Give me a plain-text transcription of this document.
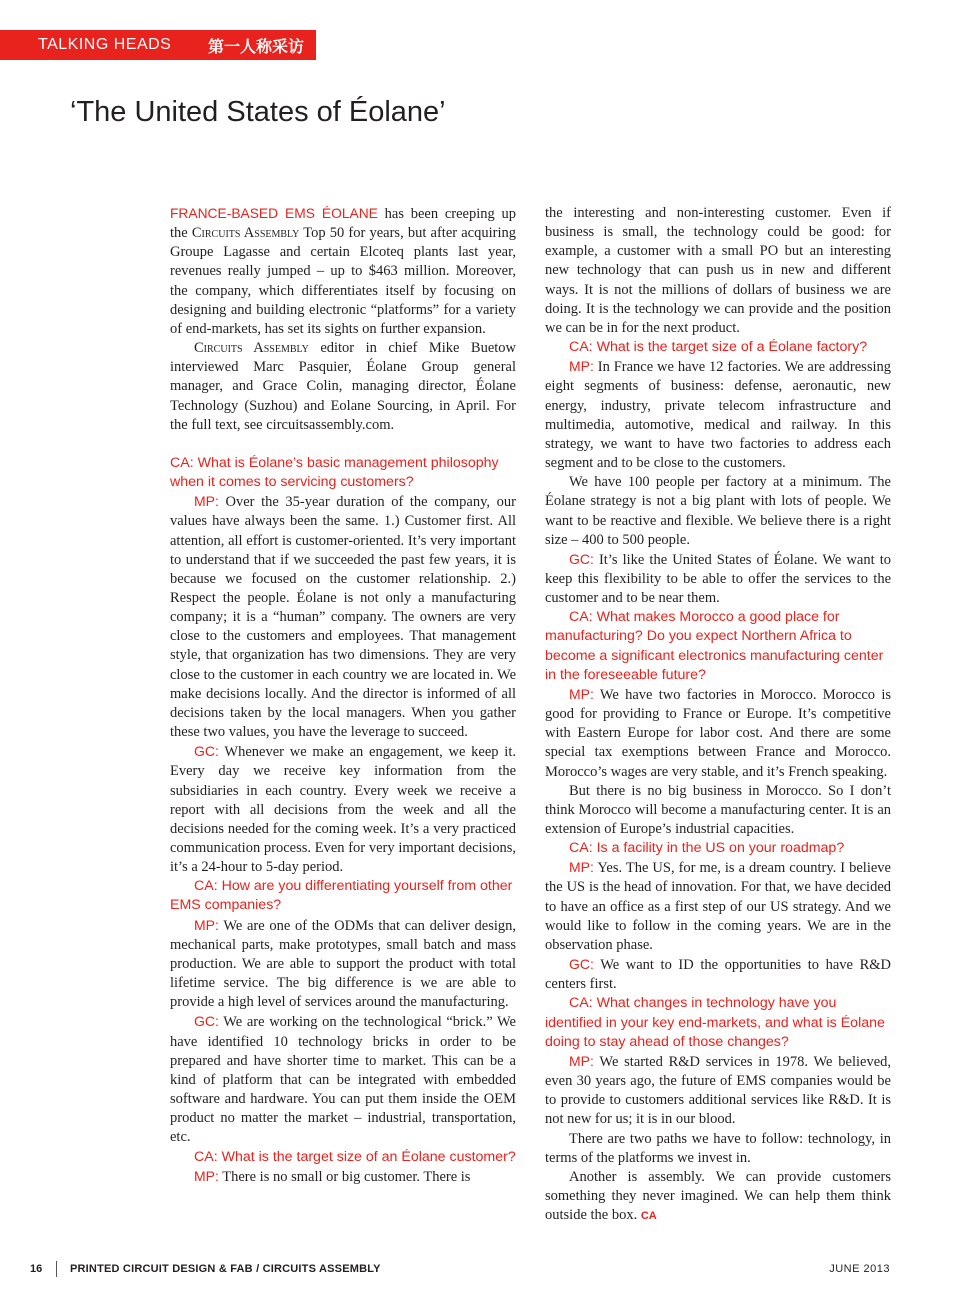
TALKING HEADS 第一人称采访
‘The United States of Éolane’

FRANCE-BASED EMS ÉOLANE has been creeping up the Circuits Assembly Top 50 for years, but after acquiring Groupe Lagasse and certain Elcoteq plants last year, revenues really jumped – up to $463 million. Moreover, the company, which differentiates itself by focusing on designing and building electronic “platforms” for a variety of end-markets, has set its sights on further expansion.

Circuits Assembly editor in chief Mike Buetow interviewed Marc Pasquier, Éolane Group general manager, and Grace Colin, managing director, Éolane Technology (Suzhou) and Eolane Sourcing, in April. For the full text, see circuitsassembly.com.

CA: What is Éolane’s basic management philosophy when it comes to servicing customers?

MP: Over the 35-year duration of the company, our values have always been the same. 1.) Customer first. All attention, all effort is customer-oriented. It’s very important to understand that if we succeeded the past few years, it is because we focused on the customer relationship. 2.) Respect the people. Éolane is not only a manufacturing company; it is a “human” company. The owners are very close to the customers and employees. That management style, that organization has two dimensions. They are very close to the customer in each country we are located in. We make decisions locally. And the director is informed of all decisions taken by the local managers. When you gather these two values, you have the leverage to succeed.

GC: Whenever we make an engagement, we keep it. Every day we receive key information from the subsidiaries in each country. Every week we receive a report with all decisions from the week and all the decisions needed for the coming week. It’s a very practiced communication process. Even for very important decisions, it’s a 24-hour to 5-day period.

CA: How are you differentiating yourself from other EMS companies?

MP: We are one of the ODMs that can deliver design, mechanical parts, make prototypes, small batch and mass production. We are able to support the product with total lifetime service. The big difference is we are able to provide a high level of services around the manufacturing.

GC: We are working on the technological “brick.” We have identified 10 technology bricks in order to be prepared and have shorter time to market. This can be a kind of platform that can be integrated with embedded software and hardware. You can put them inside the OEM product no matter the market – industrial, transportation, etc.

CA: What is the target size of an Éolane customer?

MP: There is no small or big customer. There is

the interesting and non-interesting customer. Even if business is small, the technology could be good: for example, a customer with a small PO but an interesting new technology that can push us in new and different ways. It is not the millions of dollars of business we are doing. It is the technology we can provide and the position we can be in for the next product.

CA: What is the target size of a Éolane factory?

MP: In France we have 12 factories. We are addressing eight segments of business: defense, aeronautic, new energy, industry, private telecom infrastructure and multimedia, automotive, medical and railway. In this strategy, we want to have two factories to address each segment and to be close to the customers.

We have 100 people per factory at a minimum. The Éolane strategy is not a big plant with lots of people. We want to be reactive and flexible. We believe there is a right size – 400 to 500 people.

GC: It’s like the United States of Éolane. We want to keep this flexibility to be able to offer the services to the customer and to be near them.

CA: What makes Morocco a good place for manufacturing? Do you expect Northern Africa to become a significant electronics manufacturing center in the foreseeable future?

MP: We have two factories in Morocco. Morocco is good for providing to France or Europe. It’s competitive with Eastern Europe for labor cost. And there are some special tax exemptions between France and Morocco. Morocco’s wages are very stable, and it’s French speaking.

But there is no big business in Morocco. So I don’t think Morocco will become a manufacturing center. It is an extension of Europe’s industrial capacities.

CA: Is a facility in the US on your roadmap?

MP: Yes. The US, for me, is a dream country. I believe the US is the head of innovation. For that, we have decided to have an office as a first step of our US strategy. And we would like to follow in the coming years. We are in the observation phase.

GC: We want to ID the opportunities to have R&D centers first.

CA: What changes in technology have you identified in your key end-markets, and what is Éolane doing to stay ahead of those changes?

MP: We started R&D services in 1978. We believed, even 30 years ago, the future of EMS companies would be to provide to customers additional services like R&D. It is not new for us; it is in our blood.

There are two paths we have to follow: technology, in terms of the platforms we invest in.

Another is assembly. We can provide customers something they never imagined. We can help them think outside the box. CA

16	PRINTED CIRCUIT DESIGN & FAB / CIRCUITS ASSEMBLY	JUNE 2013
